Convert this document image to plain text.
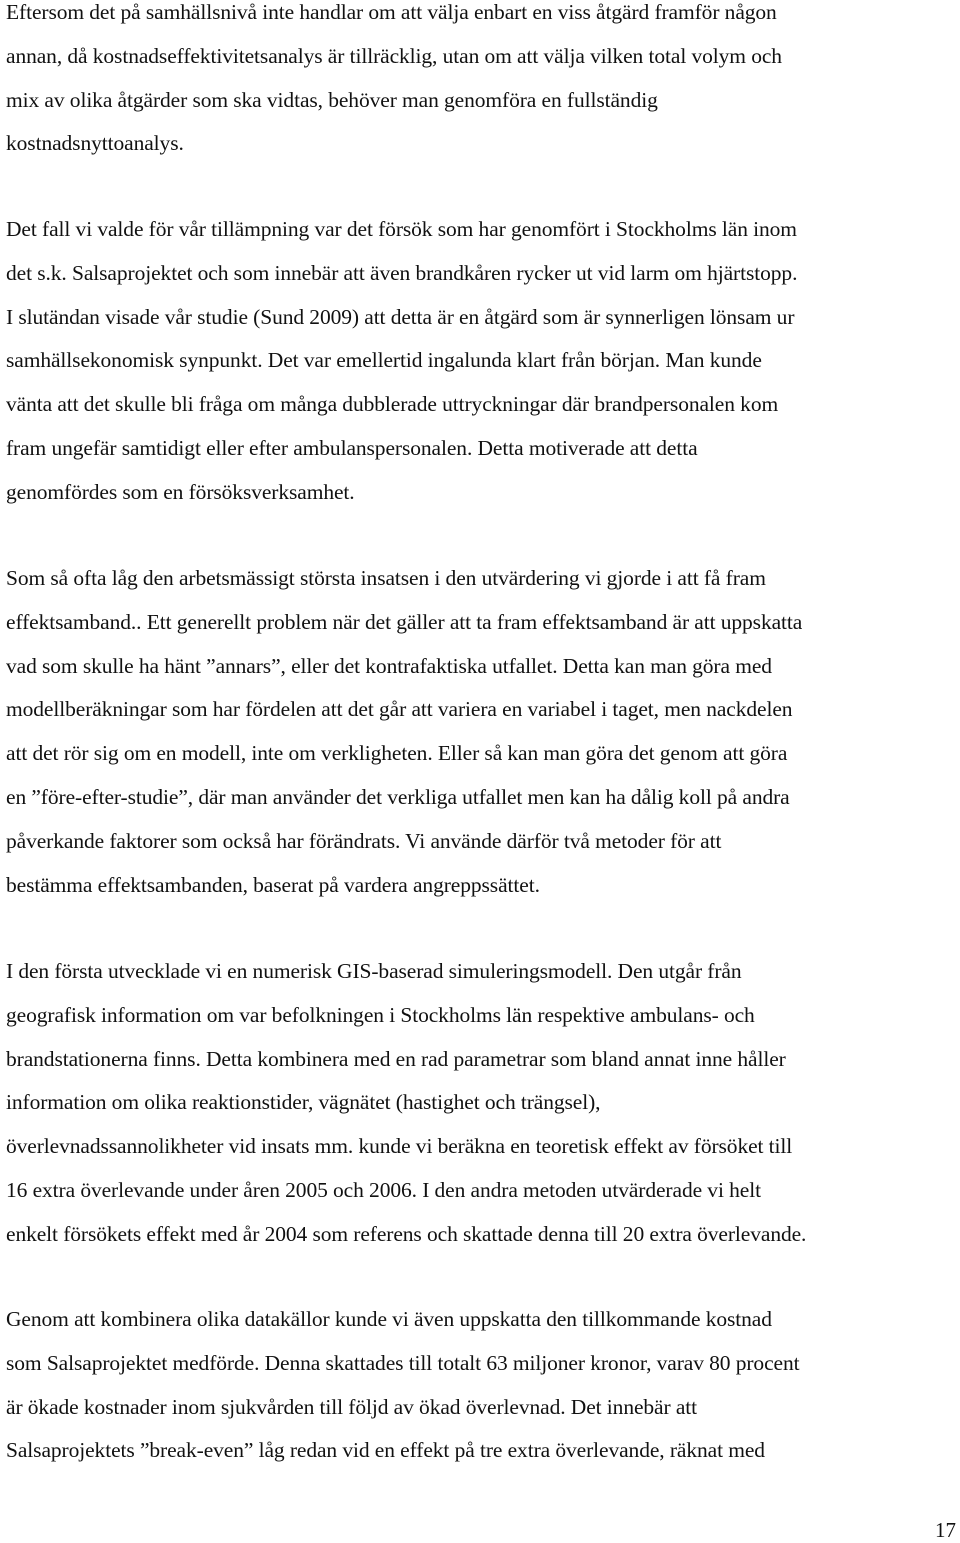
Eftersom det på samhällsnivå inte handlar om att välja enbart en viss åtgärd framför någon
annan, då kostnadseffektivitetsanalys är tillräcklig, utan om att välja vilken total volym och
mix av olika åtgärder som ska vidtas, behöver man genomföra en fullständig
kostnadsnyttoanalys.
Det fall vi valde för vår tillämpning var det försök som har genomfört i Stockholms län inom
det s.k. Salsaprojektet och som innebär att även brandkåren rycker ut vid larm om hjärtstopp.
I slutändan visade vår studie (Sund 2009) att detta är en åtgärd som är synnerligen lönsam ur
samhällsekonomisk synpunkt. Det var emellertid ingalunda klart från början. Man kunde
vänta att det skulle bli fråga om många dubblerade uttryckningar där brandpersonalen kom
fram ungefär samtidigt eller efter ambulanspersonalen. Detta motiverade att detta
genomfördes som en försöksverksamhet.
Som så ofta låg den arbetsmässigt största insatsen i den utvärdering vi gjorde i att få fram
effektsamband.. Ett generellt problem när det gäller att ta fram effektsamband är att uppskatta
vad som skulle ha hänt ”annars”, eller det kontrafaktiska utfallet. Detta kan man göra med
modellberäkningar som har fördelen att det går att variera en variabel i taget, men nackdelen
att det rör sig om en modell, inte om verkligheten. Eller så kan man göra det genom att göra
en ”före-efter-studie”, där man använder det verkliga utfallet men kan ha dålig koll på andra
påverkande faktorer som också har förändrats. Vi använde därför två metoder för att
bestämma effektsambanden, baserat på vardera angreppssättet.
I den första utvecklade vi en numerisk GIS-baserad simuleringsmodell. Den utgår från
geografisk information om var befolkningen i Stockholms län respektive ambulans- och
brandstationerna finns. Detta kombinera med en rad parametrar som bland annat inne håller
information om olika reaktionstider, vägnätet (hastighet och trängsel),
överlevnadssannolikheter vid insats mm. kunde vi beräkna en teoretisk effekt av försöket till
16 extra överlevande under åren 2005 och 2006. I den andra metoden utvärderade vi helt
enkelt försökets effekt med år 2004 som referens och skattade denna till 20 extra överlevande.
Genom att kombinera olika datakällor kunde vi även uppskatta den tillkommande kostnad
som Salsaprojektet medförde. Denna skattades till totalt 63 miljoner kronor, varav 80 procent
är ökade kostnader inom sjukvården till följd av ökad överlevnad. Det innebär att
Salsaprojektets ”break-even” låg redan vid en effekt på tre extra överlevande, räknat med

17
